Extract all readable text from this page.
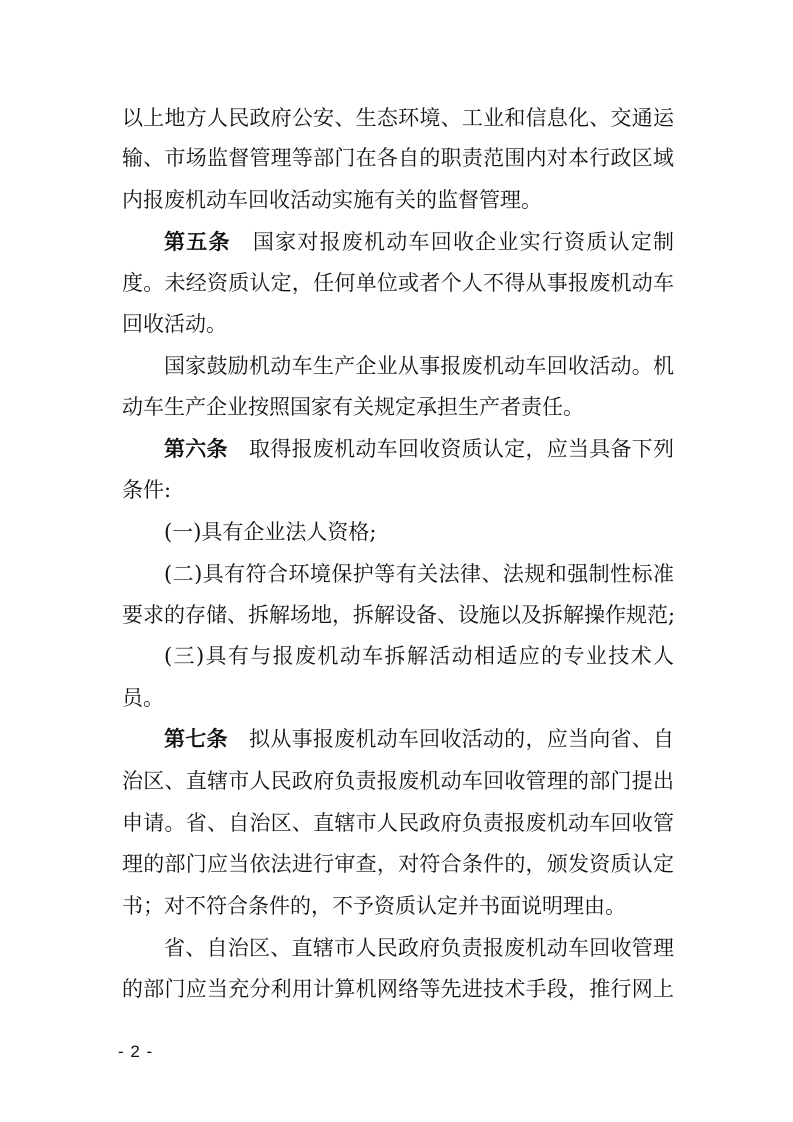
以上地方人民政府公安、生态环境、工业和信息化、交通运
输、市场监督管理等部门在各自的职责范围内对本行政区域
内报废机动车回收活动实施有关的监督管理。
第五条 国家对报废机动车回收企业实行资质认定制
度。未经资质认定，任何单位或者个人不得从事报废机动车
回收活动。
国家鼓励机动车生产企业从事报废机动车回收活动。机
动车生产企业按照国家有关规定承担生产者责任。
第六条 取得报废机动车回收资质认定，应当具备下列
条件:
(一)具有企业法人资格;
(二)具有符合环境保护等有关法律、法规和强制性标准
要求的存储、拆解场地，拆解设备、设施以及拆解操作规范;
(三)具有与报废机动车拆解活动相适应的专业技术人
员。
第七条 拟从事报废机动车回收活动的，应当向省、自
治区、直辖市人民政府负责报废机动车回收管理的部门提出
申请。省、自治区、直辖市人民政府负责报废机动车回收管
理的部门应当依法进行审查，对符合条件的，颁发资质认定
书；对不符合条件的，不予资质认定并书面说明理由。
省、自治区、直辖市人民政府负责报废机动车回收管理
的部门应当充分利用计算机网络等先进技术手段，推行网上
- 2 -
